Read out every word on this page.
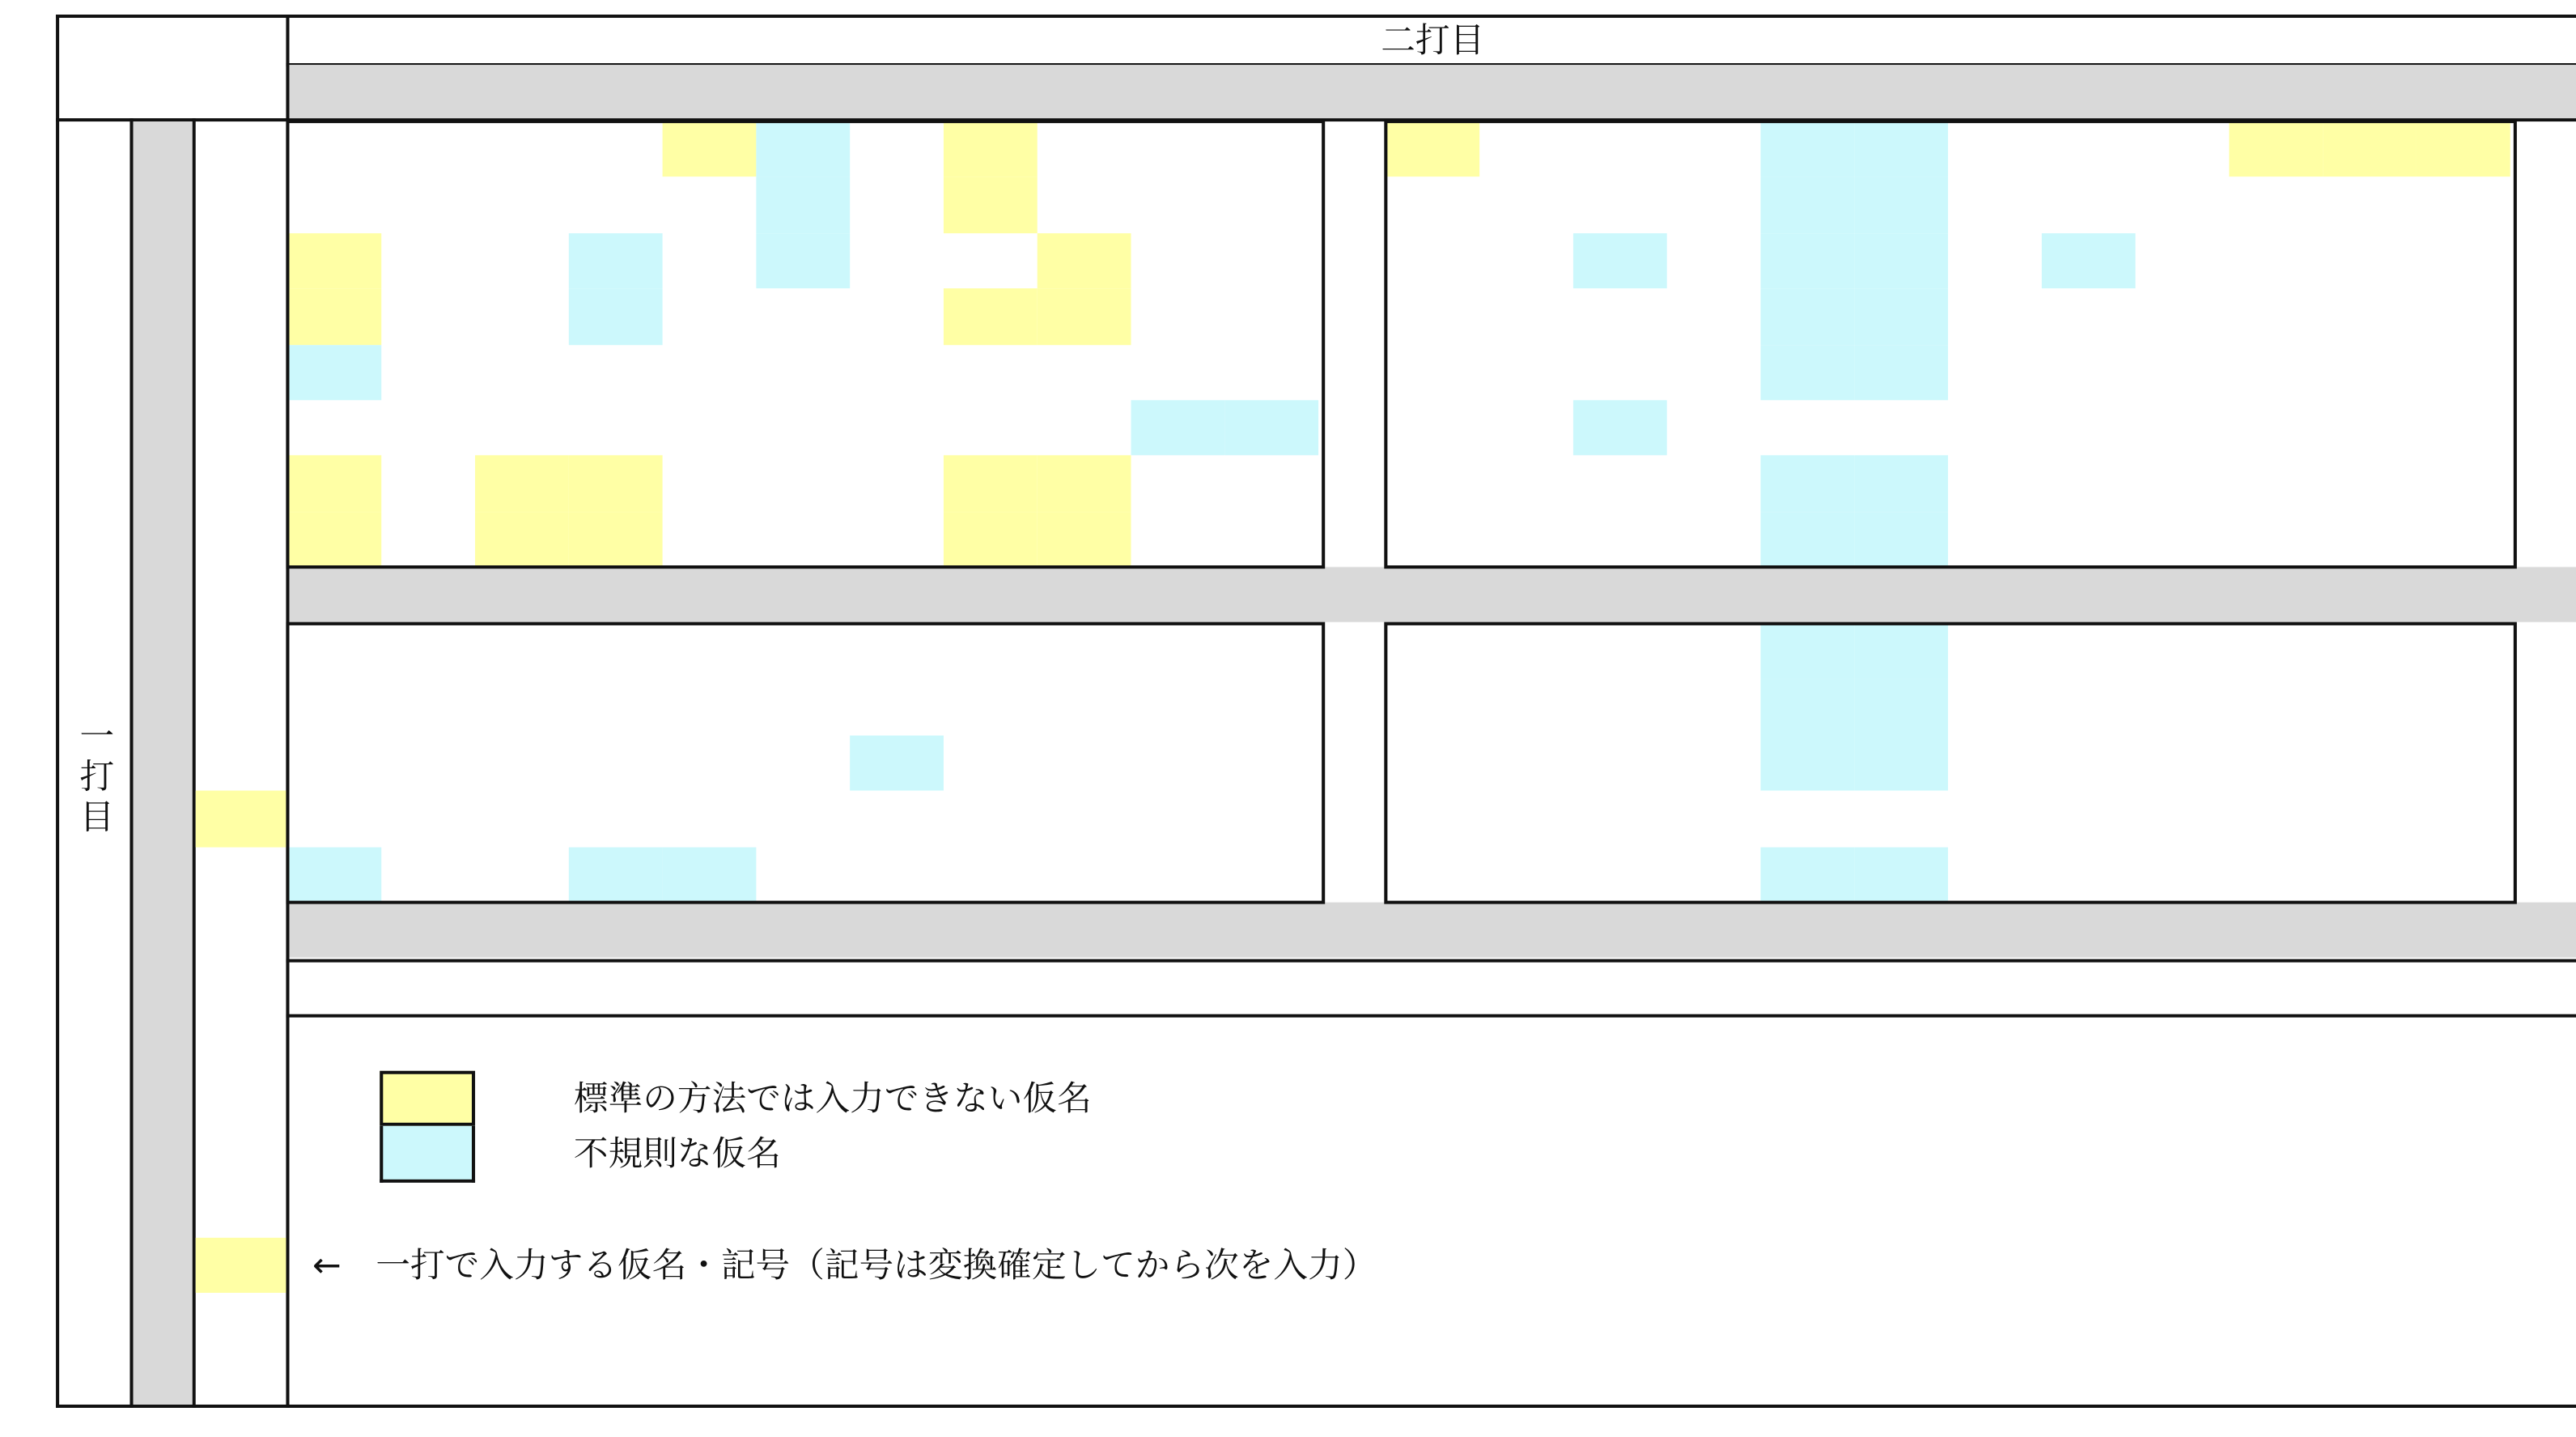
二打目
一打目
標準の方法では入力できない仮名
不規則な仮名
←　一打で入力する仮名・記号（記号は変換確定してから次を入力）
